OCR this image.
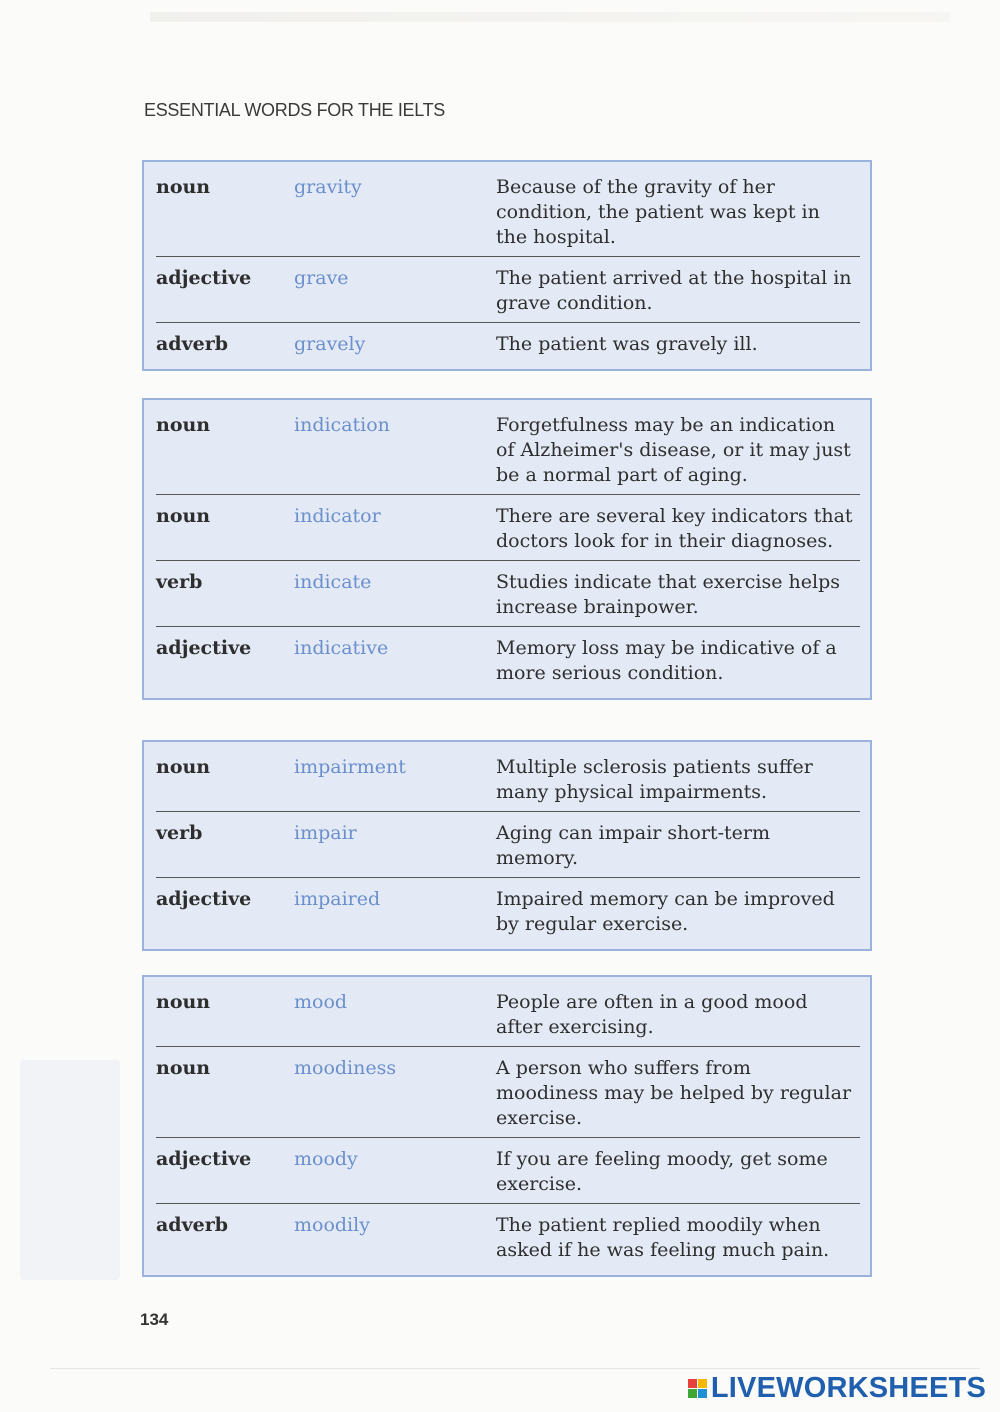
ESSENTIAL WORDS FOR THE IELTS
noun	gravity	Because of the gravity of her condition, the patient was kept in the hospital.
adjective	grave	The patient arrived at the hospital in grave condition.
adverb	gravely	The patient was gravely ill.
noun	indication	Forgetfulness may be an indication of Alzheimer's disease, or it may just be a normal part of aging.
noun	indicator	There are several key indicators that doctors look for in their diagnoses.
verb	indicate	Studies indicate that exercise helps increase brainpower.
adjective	indicative	Memory loss may be indicative of a more serious condition.
noun	impairment	Multiple sclerosis patients suffer many physical impairments.
verb	impair	Aging can impair short-term memory.
adjective	impaired	Impaired memory can be improved by regular exercise.
noun	mood	People are often in a good mood after exercising.
noun	moodiness	A person who suffers from moodiness may be helped by regular exercise.
adjective	moody	If you are feeling moody, get some exercise.
adverb	moodily	The patient replied moodily when asked if he was feeling much pain.
134
LIVEWORKSHEETS
